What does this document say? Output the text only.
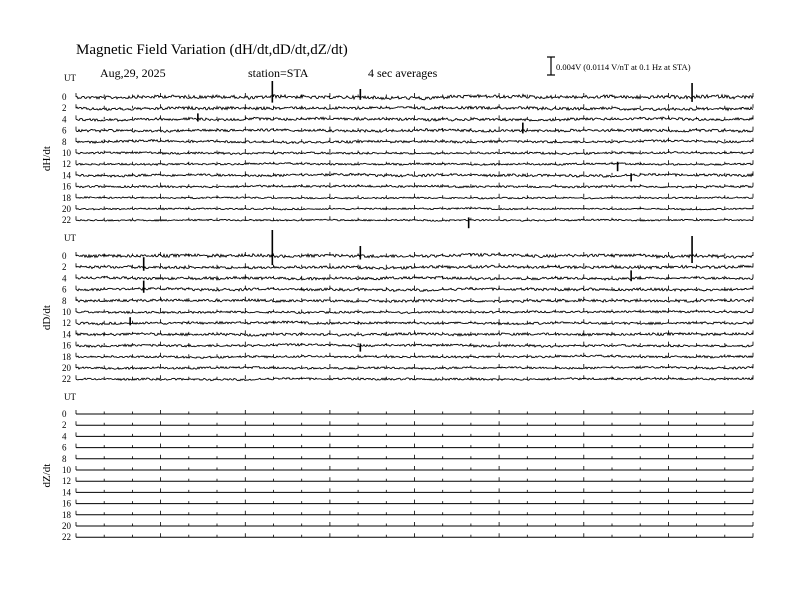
Magnetic Field Variation (dH/dt,dD/dt,dZ/dt)
Aug,29, 2025	station=STA	4 sec averages	0.004V (0.0114 V/nT at 0.1 Hz at STA)
UT
dH/dt
0
2
4
6
8
10
12
14
16
18
20
22
UT
dD/dt
0
2
4
6
8
10
12
14
16
18
20
22
UT
dZ/dt
0
2
4
6
8
10
12
14
16
18
20
22
